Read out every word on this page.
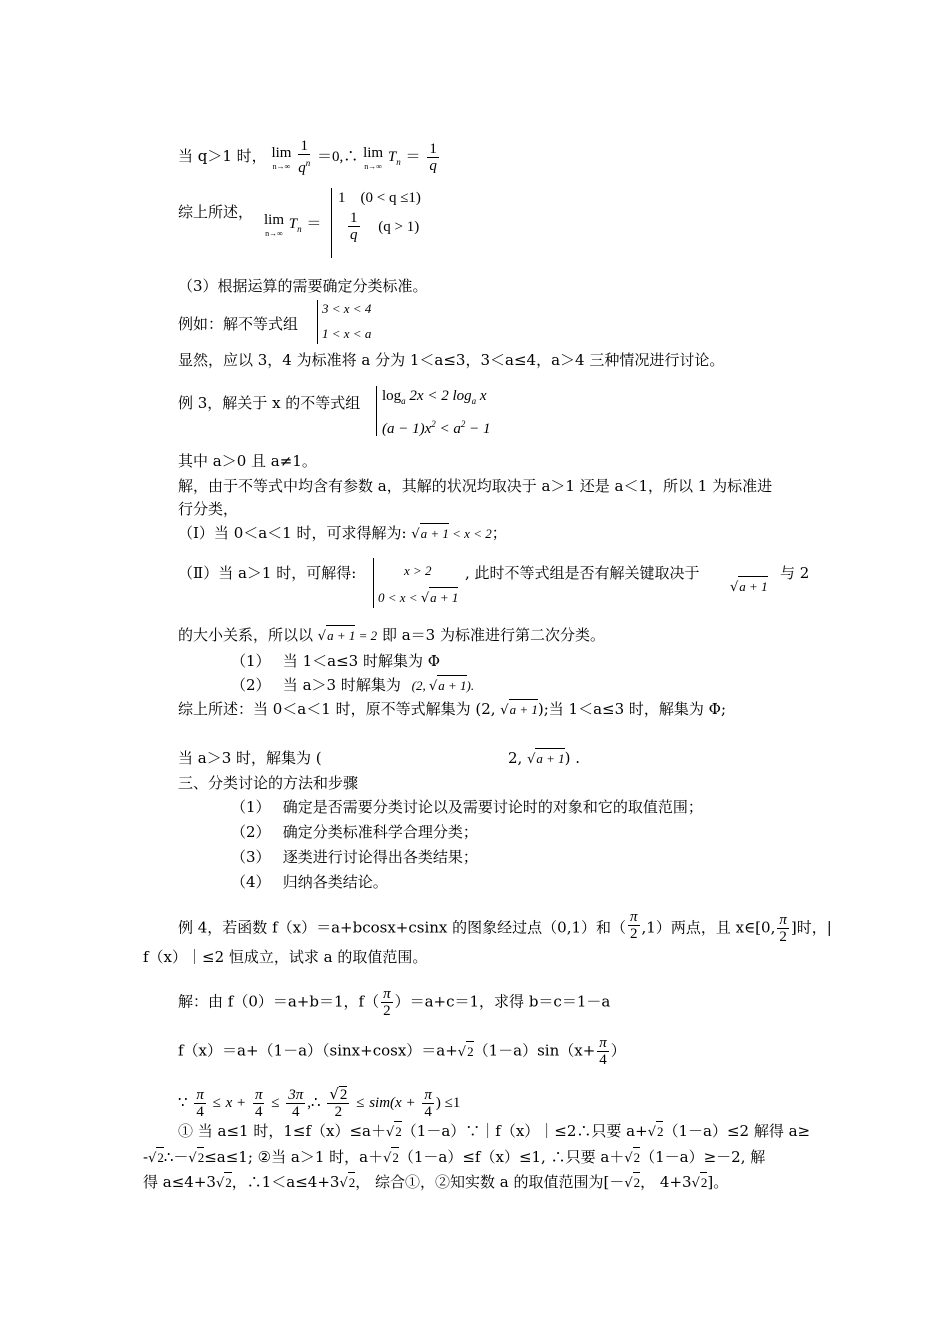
当 q＞1 时， lim
n→∞
$\frac{1}{q^n}$ ＝0,∴ lim
n→∞
$T_n = \frac{1}{q}$
综上所述， lim
n→∞
$T_n$ ＝
1　(0 < q ≤1)
$\frac{1}{q} (q > 1)$
（3）根据运算的需要确定分类标准。
例如：解不等式组
3 < x < 4
1 < x < a
显然，应以 3，4 为标准将 a 分为 1＜a≤3，3＜a≤4，a＞4 三种情况进行讨论。
例 3，解关于 x 的不等式组 $\log_a 2x < 2$ $\log_a x$
$(a - 1)x^2 < a^2 - 1$
其中 a＞0 且 a≠1。
解，由于不等式中均含有参数 a，其解的状况均取决于 a＞1 还是 a＜1，所以 1 为标准进
行分类，
（Ⅰ）当 0＜a＜1 时，可求得解为: √a + 1 < x < 2；
（Ⅱ）当 a＞1 时，可解得:	x > 2
0 < x < √a + 1
, 此时不等式组是否有解关键取决于
√a + 1
与 2
的大小关系，所以以 √a + 1 = 2 即 a＝3 为标准进行第二次分类。
（1）　 当 1＜a≤3 时解集为 Φ
（2）　 当 a＞3 时解集为 (2, √a + 1).
综上所述：当 0＜a＜1 时，原不等式解集为 (2, √a + 1);当 1＜a≤3 时，解集为 Φ;
当 a＞3 时，解集为 (	2, √a + 1) .
三、分类讨论的方法和步骤
（1）　 确定是否需要分类讨论以及需要讨论时的对象和它的取值范围；
（2）　 确定分类标准科学合理分类；
（3）　 逐类进行讨论得出各类结果；
（4）　 归纳各类结论。
例 4，若函数 f（x）＝a+bcosx+csinx 的图象经过点（0,1）和（ $\frac{\pi}{2} ,1$）两点，且 x∈[0, $\frac{\pi}{2}$ ]时，|
f（x）｜≤2 恒成立，试求 a 的取值范围。
解：由 f（0）＝a+b＝1，$f( \frac{\pi}{2} )=a+c=1$，求得 b＝c＝1－a
$f(x)=a+(1-a)(\sin x+\cos x)=a+√2(1-a)\sin(x+ \frac{\pi}{4}$ ）
∵ $\frac{\pi}{4} \le x + \frac{\pi}{4} \le \frac{3\pi}{4}$ ,∴ $\frac{√2}{2} \le sim(x + \frac{\pi}{4}$ ) ≤1
① 当 a≤1 时，1≤f（x）≤a＋√2（1－a）∵｜f（x）｜≤2∴只要 a+√2（1－a）≤2 解得 a≥
-√2∴－√2≤a≤1; ②当 a＞1 时，a＋√2（1－a）≤f（x）≤1, ∴只要 a＋√2（1－a）≥－2, 解
得 a≤4+3√2，∴1＜a≤4+3√2， 综合①，②知实数 a 的取值范围为[－√2， 4+3√2]。
